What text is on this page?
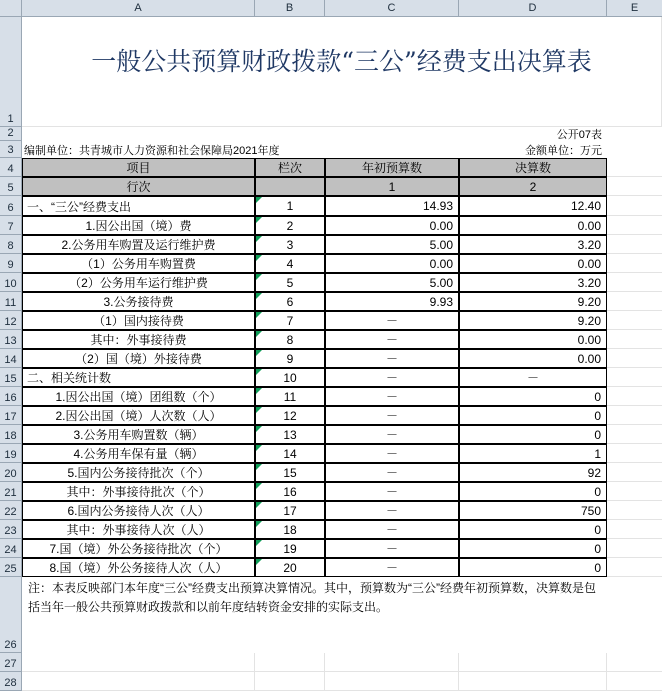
A	B	C	D	E
1
2
3
4
5
6
7
8
9
10
11
12
13
14
15
16
17
18
19
20
21
22
23
24
25
26
27
28
一般公共预算财政拨款“三公”经费支出决算表
公开07表
编制单位：共青城市人力资源和社会保障局2021年度	金额单位：万元
项目	栏次	年初预算数	决算数
行次	1	2
一、“三公”经费支出	1	14.93	12.40
1.因公出国（境）费	2	0.00	0.00
2.公务用车购置及运行维护费	3	5.00	3.20
（1）公务用车购置费	4	0.00	0.00
（2）公务用车运行维护费	5	5.00	3.20
3.公务接待费	6	9.93	9.20
（1）国内接待费	7	－	9.20
其中：外事接待费	8	－	0.00
（2）国（境）外接待费	9	－	0.00
二、相关统计数	10	－	－
1.因公出国（境）团组数（个）	11	－	0
2.因公出国（境）人次数（人）	12	－	0
3.公务用车购置数（辆）	13	－	0
4.公务用车保有量（辆）	14	－	1
5.国内公务接待批次（个）	15	－	92
其中：外事接待批次（个）	16	－	0
6.国内公务接待人次（人）	17	－	750
其中：外事接待人次（人）	18	－	0
7.国（境）外公务接待批次（个）	19	－	0
8.国（境）外公务接待人次（人）	20	－	0
注：本表反映部门本年度“三公”经费支出预算决算情况。其中，预算数为“三公”经费年初预算数，决算数是包括当年一般公共预算财政拨款和以前年度结转资金安排的实际支出。
